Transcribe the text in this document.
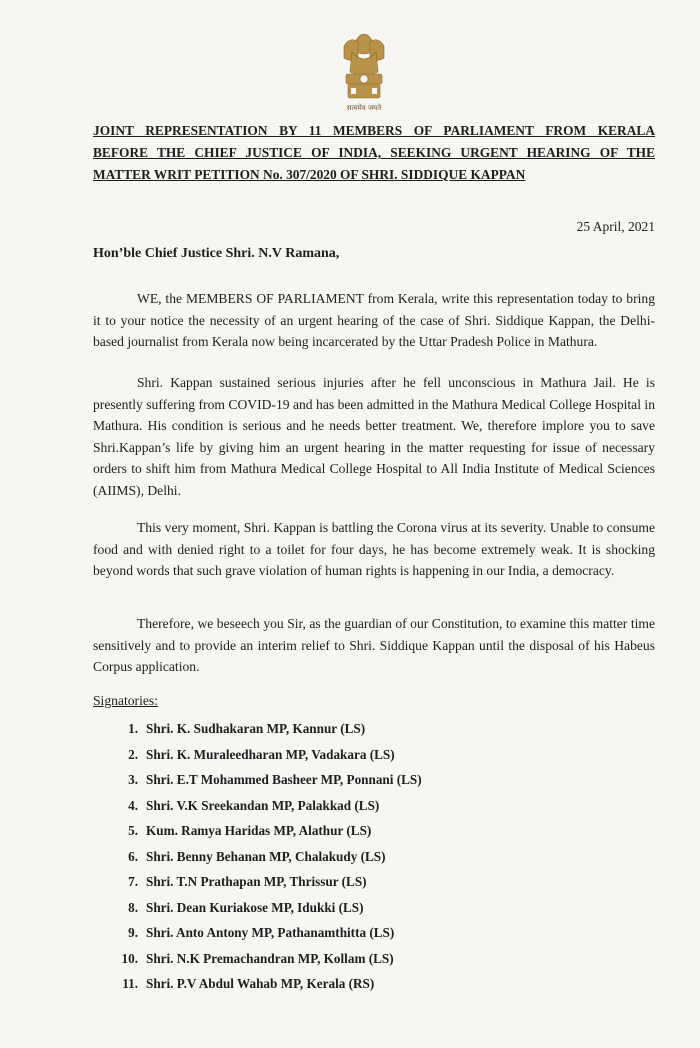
सत्यमेव जयते
JOINT REPRESENTATION BY 11 MEMBERS OF PARLIAMENT FROM KERALA
BEFORE THE CHIEF JUSTICE OF INDIA, SEEKING URGENT HEARING OF THE
MATTER WRIT PETITION No. 307/2020 OF SHRI. SIDDIQUE KAPPAN
25 April, 2021
Hon’ble Chief Justice Shri. N.V Ramana,

WE, the MEMBERS OF PARLIAMENT from Kerala, write this representation today to bring it to your notice the necessity of an urgent hearing of the case of Shri. Siddique Kappan, the Delhi-based journalist from Kerala now being incarcerated by the Uttar Pradesh Police in Mathura.

Shri. Kappan sustained serious injuries after he fell unconscious in Mathura Jail. He is presently suffering from COVID-19 and has been admitted in the Mathura Medical College Hospital in Mathura. His condition is serious and he needs better treatment. We, therefore implore you to save Shri.Kappan’s life by giving him an urgent hearing in the matter requesting for issue of necessary orders to shift him from Mathura Medical College Hospital to All India Institute of Medical Sciences (AIIMS), Delhi.

This very moment, Shri. Kappan is battling the Corona virus at its severity. Unable to consume food and with denied right to a toilet for four days, he has become extremely weak. It is shocking beyond words that such grave violation of human rights is happening in our India, a democracy.

Therefore, we beseech you Sir, as the guardian of our Constitution, to examine this matter time sensitively and to provide an interim relief to Shri. Siddique Kappan until the disposal of his Habeus Corpus application.

Signatories:
1. Shri. K. Sudhakaran MP, Kannur (LS)
2. Shri. K. Muraleedharan MP, Vadakara (LS)
3. Shri. E.T Mohammed Basheer MP, Ponnani (LS)
4. Shri. V.K Sreekandan MP, Palakkad (LS)
5. Kum. Ramya Haridas MP, Alathur (LS)
6. Shri. Benny Behanan MP, Chalakudy (LS)
7. Shri. T.N Prathapan MP, Thrissur (LS)
8. Shri. Dean Kuriakose MP, Idukki (LS)
9. Shri. Anto Antony MP, Pathanamthitta (LS)
10. Shri. N.K Premachandran MP, Kollam (LS)
11. Shri. P.V Abdul Wahab MP, Kerala (RS)
